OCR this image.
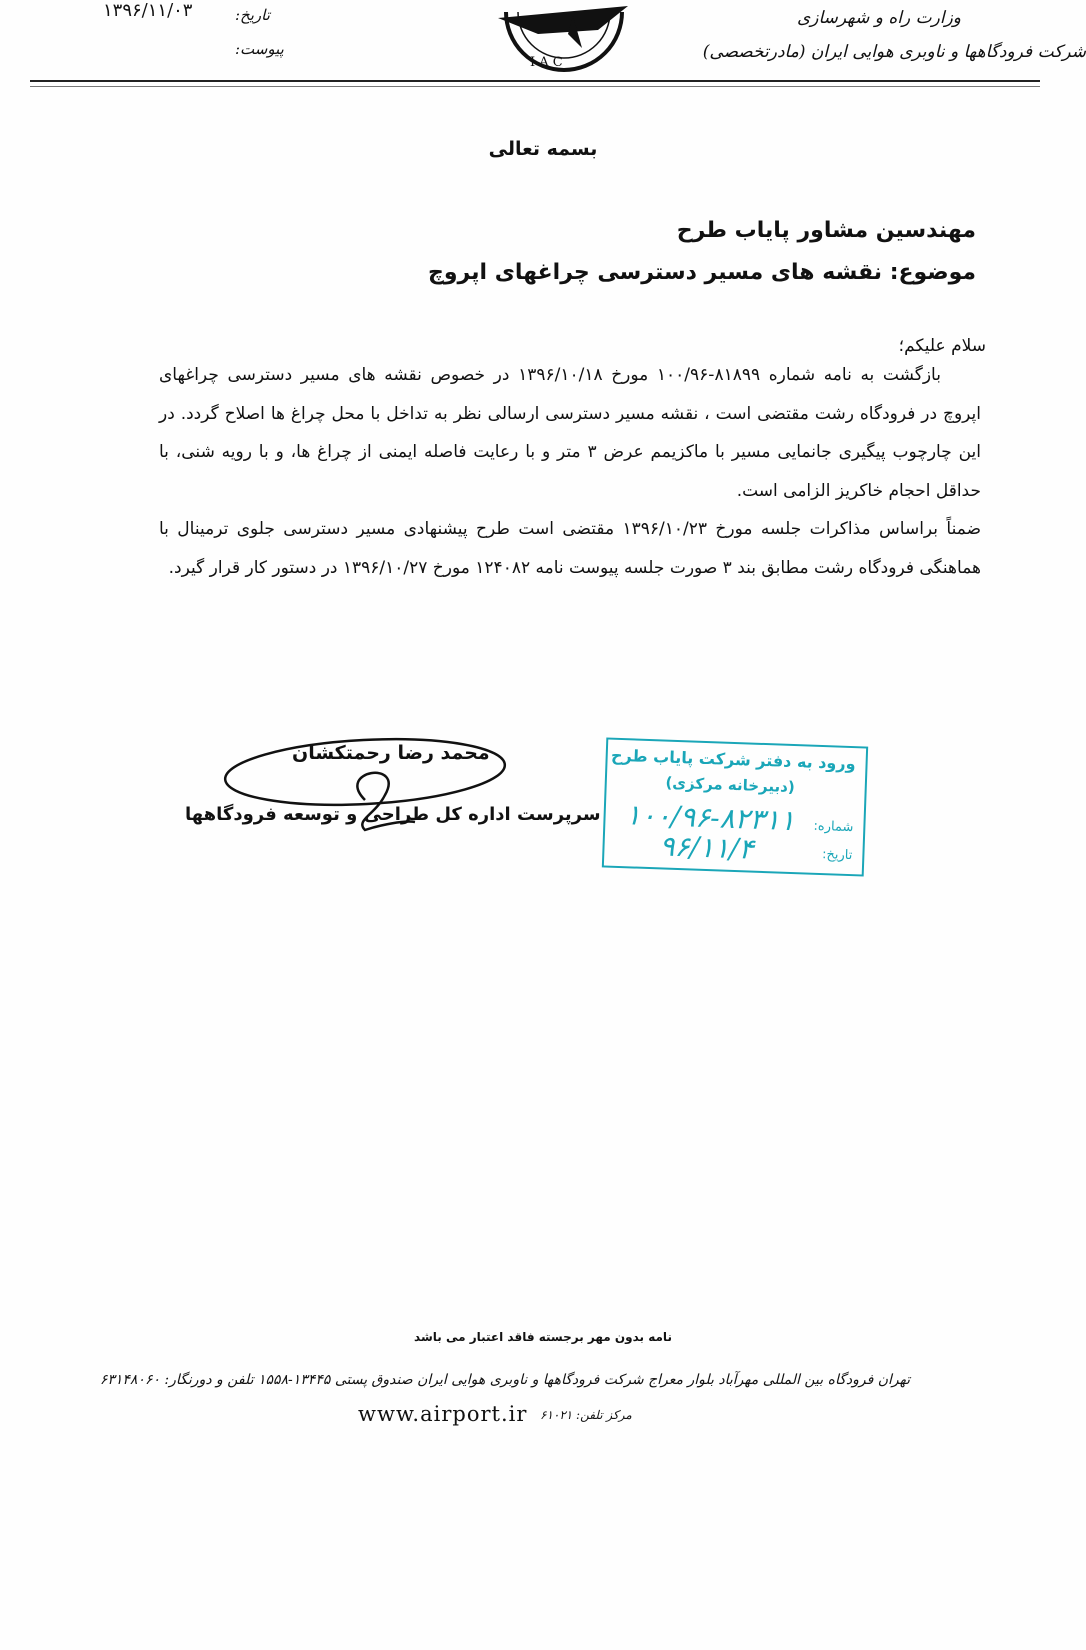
وزارت راه و شهرسازی
شرکت فرودگاهها و ناوبری هوایی ایران (مادرتخصصی)
تاریخ:
پیوست:
۱۳۹۶/۱۱/۰۳
I A C
بسمه تعالی
مهندسین مشاور پایاب طرح
موضوع: نقشه های مسیر دسترسی چراغهای اپروچ
سلام علیکم؛

بازگشت به نامه شماره ۸۱۸۹۹-۱۰۰/۹۶ مورخ ۱۳۹۶/۱۰/۱۸ در خصوص نقشه های مسیر دسترسی چراغهای اپروچ در فرودگاه رشت مقتضی است ، نقشه مسیر دسترسی ارسالی نظر به تداخل با محل چراغ ها اصلاح گردد. در این چارچوب پیگیری جانمایی مسیر با ماکزیمم عرض ۳ متر و با رعایت فاصله ایمنی از چراغ ها، و با رویه شنی، با حداقل احجام خاکریز الزامی است.

ضمناً براساس مذاکرات جلسه مورخ ۱۳۹۶/۱۰/۲۳ مقتضی است طرح پیشنهادی مسیر دسترسی جلوی ترمینال با هماهنگی فرودگاه رشت مطابق بند ۳ صورت جلسه پیوست نامه ۱۲۴۰۸۲ مورخ ۱۳۹۶/۱۰/۲۷ در دستور کار قرار گیرد.

محمد رضا رحمتکشان
سرپرست اداره کل طراحی و توسعه فرودگاهها
ورود به دفتر شرکت پایاب طرح
(دبیرخانه مرکزی)
شماره:
تاریخ:
۱۰۰/۹۶-۸۲۳۱۱
۹۶/۱۱/۴
نامه بدون مهر برجسته فاقد اعتبار می باشد
تهران فرودگاه بین المللی مهرآباد بلوار معراج شرکت فرودگاهها و ناوبری هوایی ایران صندوق پستی ۱۳۴۴۵-۱۵۵۸ تلفن و دورنگار: ۶۳۱۴۸۰۶۰
مرکز تلفن: ۶۱۰۲۱
www.airport.ir
